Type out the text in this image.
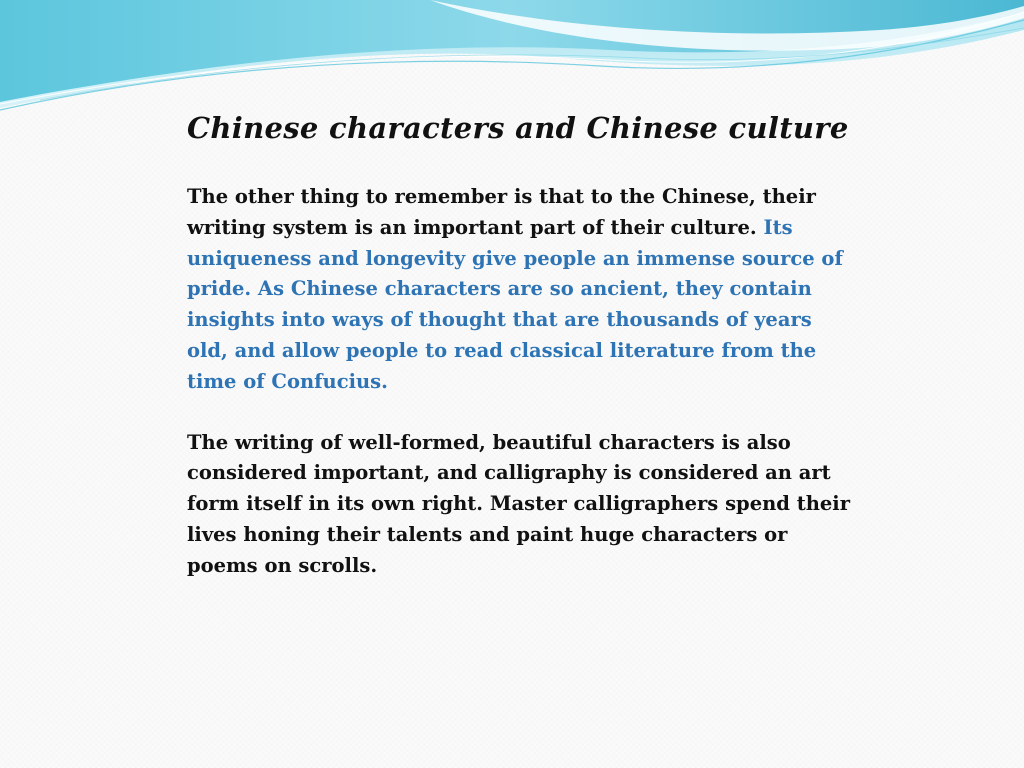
Chinese characters and Chinese culture

The other thing to remember is that to the Chinese, their writing system is an important part of their culture. Its uniqueness and longevity give people an immense source of pride. As Chinese characters are so ancient, they contain insights into ways of thought that are thousands of years old, and allow people to read classical literature from the time of Confucius.

The writing of well-formed, beautiful characters is also considered important, and calligraphy is considered an art form itself in its own right. Master calligraphers spend their lives honing their talents and paint huge characters or poems on scrolls.
